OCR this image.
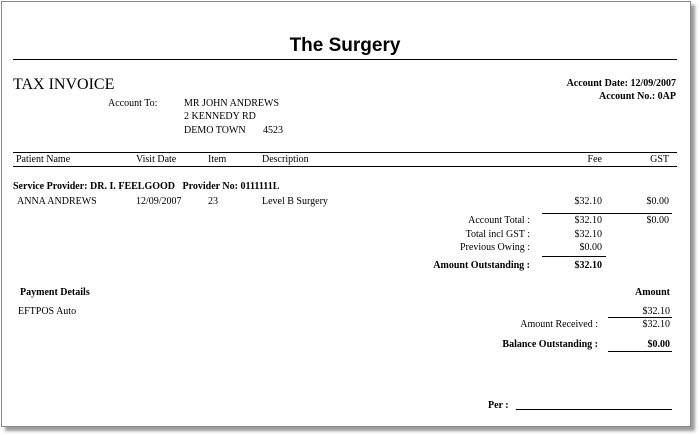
The Surgery
TAX INVOICE
Account To:	MR JOHN ANDREWS
2 KENNEDY RD
DEMO TOWN 4523
Account Date: 12/09/2007
Account No.: 0AP
Patient Name	Visit Date	Item	Description	Fee	GST
Service Provider: DR. I. FEELGOOD Provider No: 0111111L
ANNA ANDREWS	12/09/2007	23	Level B Surgery	$32.10	$0.00
Account Total :	$32.10	$0.00
Total incl GST :	$32.10
Previous Owing :	$0.00
Amount Outstanding :	$32.10
Payment Details	Amount
EFTPOS Auto	$32.10
Amount Received :	$32.10
Balance Outstanding :	$0.00
Per :
